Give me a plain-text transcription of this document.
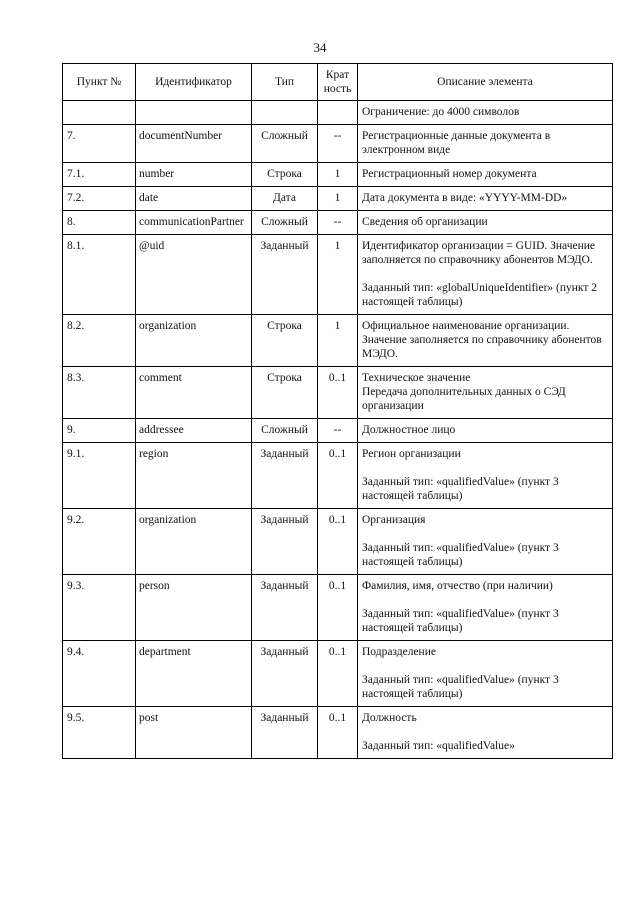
34
Пункт №	Идентификатор	Тип	Крат ность	Описание элемента
				Ограничение: до 4000 символов
7.	documentNumber	Сложный	--	Регистрационные данные документа в электронном виде

7.1.	number	Строка	1	Регистрационный номер документа

7.2.	date	Дата	1	Дата документа в виде: «YYYY-MM-DD»

8.	communicationPartner	Сложный	--	Сведения об организации

8.1.	@uid	Заданный	1	Идентификатор организации = GUID. Значение заполняется по справочнику абонентов МЭДО.
Заданный тип: «globalUniqueIdentifier» (пункт 2 настоящей таблицы)

8.2.	organization	Строка	1	Официальное наименование организации. Значение заполняется по справочнику абонентов МЭДО.

8.3.	comment	Строка	0..1	Техническое значение
Передача дополнительных данных о СЭД организации

9.	addressee	Сложный	--	Должностное лицо

9.1.	region	Заданный	0..1	Регион организации
Заданный тип: «qualifiedValue» (пункт 3 настоящей таблицы)

9.2.	organization	Заданный	0..1	Организация
Заданный тип: «qualifiedValue» (пункт 3 настоящей таблицы)

9.3.	person	Заданный	0..1	Фамилия, имя, отчество (при наличии)
Заданный тип: «qualifiedValue» (пункт 3 настоящей таблицы)

9.4.	department	Заданный	0..1	Подразделение
Заданный тип: «qualifiedValue» (пункт 3 настоящей таблицы)

9.5.	post	Заданный	0..1	Должность
Заданный тип: «qualifiedValue»
